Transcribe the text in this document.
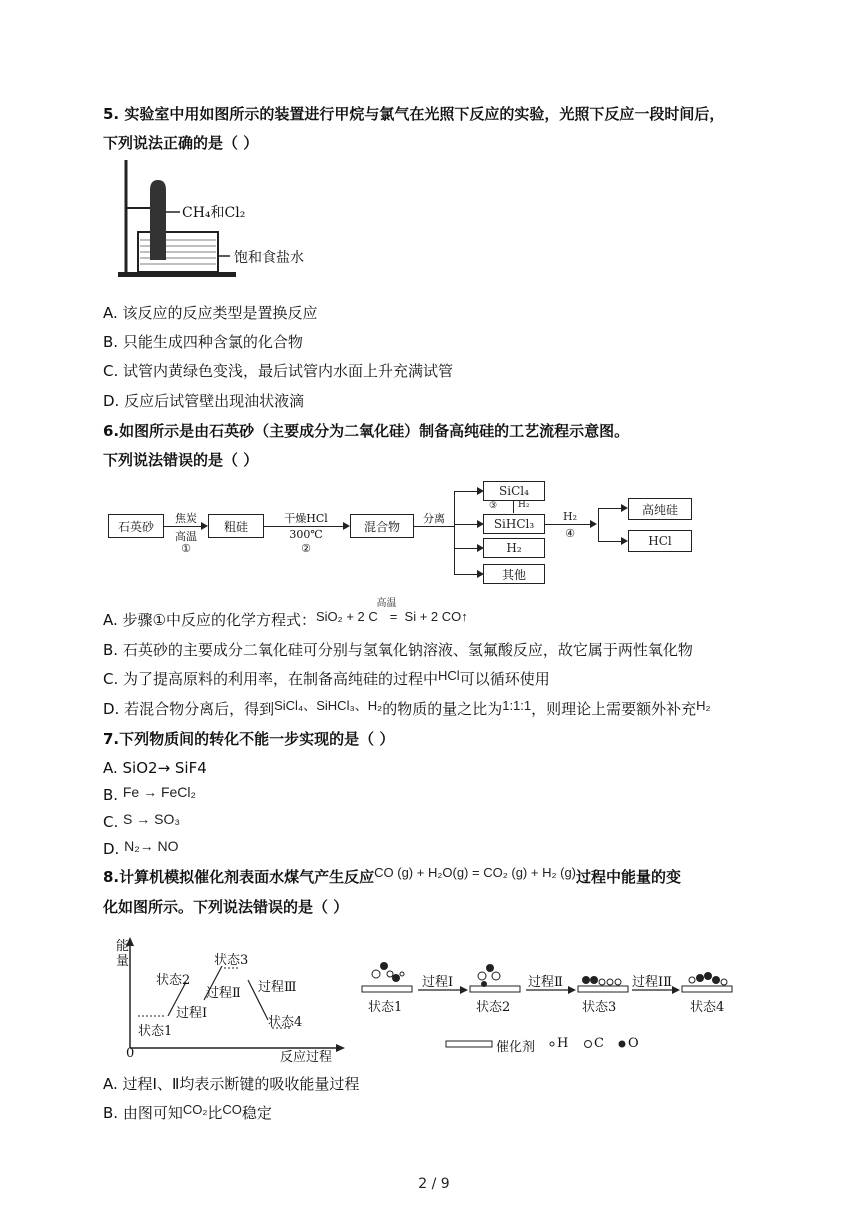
5. 实验室中用如图所示的装置进行甲烷与氯气在光照下反应的实验，光照下反应一段时间后，
下列说法正确的是（ ）
CH₄和Cl₂
饱和食盐水
A. 该反应的反应类型是置换反应
B. 只能生成四种含氯的化合物
C. 试管内黄绿色变浅，最后试管内水面上升充满试管
D. 反应后试管壁出现油状液滴
6.如图所示是由石英砂（主要成分为二氧化硅）制备高纯硅的工艺流程示意图。
下列说法错误的是（ ）
石英砂
焦炭
高温
①
粗硅
干燥HCl
300℃
②
混合物
分离
SiCl₄
SiHCl₃
H₂
其他
③	H₂
H₂
④
高纯硅
HCl
A. 步骤①中反应的化学方程式：SiO₂ + 2 C
高温
= Si + 2 CO↑
B. 石英砂的主要成分二氧化硅可分别与氢氧化钠溶液、氢氟酸反应，故它属于两性氧化物
C. 为了提高原料的利用率，在制备高纯硅的过程中HCl可以循环使用
D. 若混合物分离后，得到SiCl₄、SiHCl₃、H₂的物质的量之比为1:1:1，则理论上需要额外补充H₂
7.下列物质间的转化不能一步实现的是（ ）
A. SiO2→ SiF4
B. Fe → FeCl₂
C. S → SO₃
D. N₂→ NO
8.计算机模拟催化剂表面水煤气产生反应CO (g) + H₂O(g) = CO₂ (g) + H₂ (g)过程中能量的变
化如图所示。下列说法错误的是（ ）
能量
0	反应过程
状态1
状态2
状态3
状态4
过程Ⅰ
过程Ⅱ 过程Ⅲ
状态1	状态2	状态3	状态4
过程Ⅰ	过程Ⅱ	过程ⅠⅡ
催化剂 H C O
A. 过程Ⅰ、Ⅱ均表示断键的吸收能量过程
B. 由图可知CO₂比CO稳定
2 / 9
